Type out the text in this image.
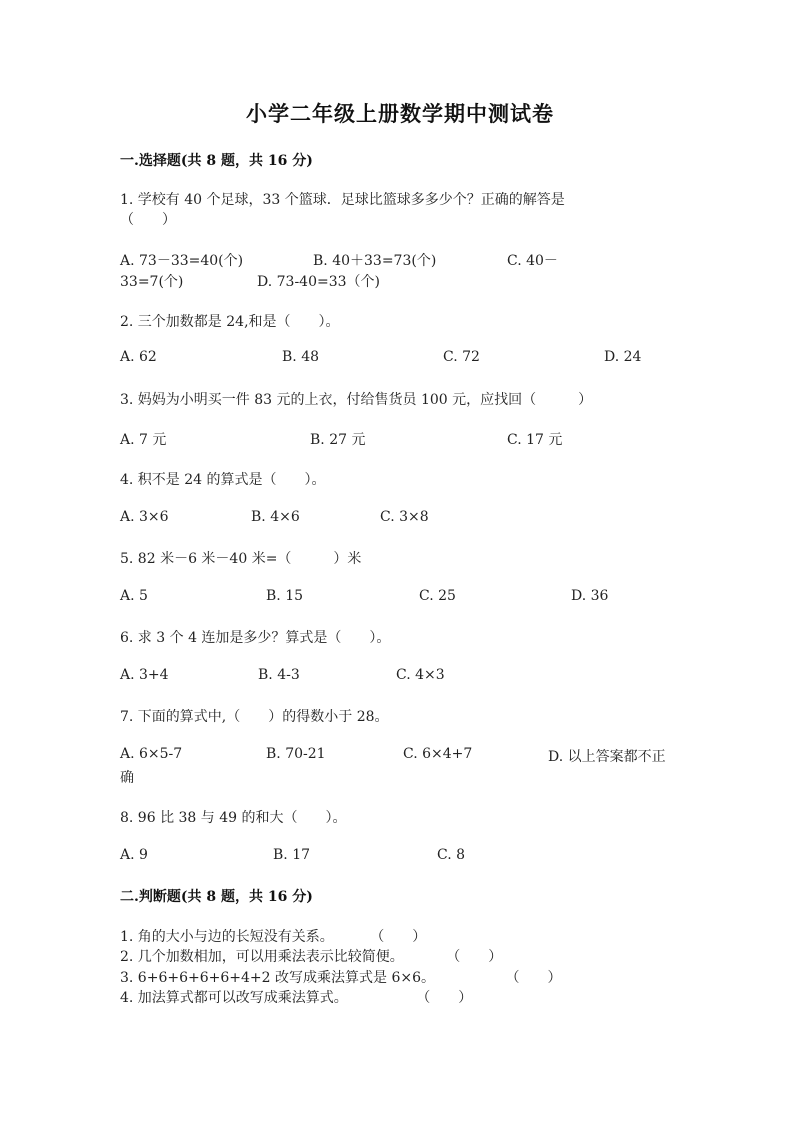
小学二年级上册数学期中测试卷
一.选择题(共 8 题，共 16 分)
1. 学校有 40 个足球，33 个篮球．足球比篮球多多少个？正确的解答是
（　　）
A. 73－33=40(个)	B. 40＋33=73(个)	C. 40－
33=7(个)	D. 73-40=33（个)
2. 三个加数都是 24,和是（　　）。
A. 62	B. 48	C. 72	D. 24
3. 妈妈为小明买一件 83 元的上衣，付给售货员 100 元，应找回（　　　）
A. 7 元	B. 27 元	C. 17 元
4. 积不是 24 的算式是（　　）。
A. 3×6	B. 4×6	C. 3×8
5. 82 米－6 米－40 米=（　　　）米
A. 5	B. 15	C. 25	D. 36
6. 求 3 个 4 连加是多少？算式是（　　）。
A. 3+4	B. 4-3	C. 4×3
7. 下面的算式中,（　　）的得数小于 28。
A. 6×5-7	B. 70-21	C. 6×4+7	D. 以上答案都不正
确
8. 96 比 38 与 49 的和大（　　）。
A. 9	B. 17	C. 8
二.判断题(共 8 题，共 16 分)
1. 角的大小与边的长短没有关系。	（　　）
2. 几个加数相加，可以用乘法表示比较简便。	（　　）
3. 6+6+6+6+6+4+2 改写成乘法算式是 6×6。	（　　）
4. 加法算式都可以改写成乘法算式。	（　　）
